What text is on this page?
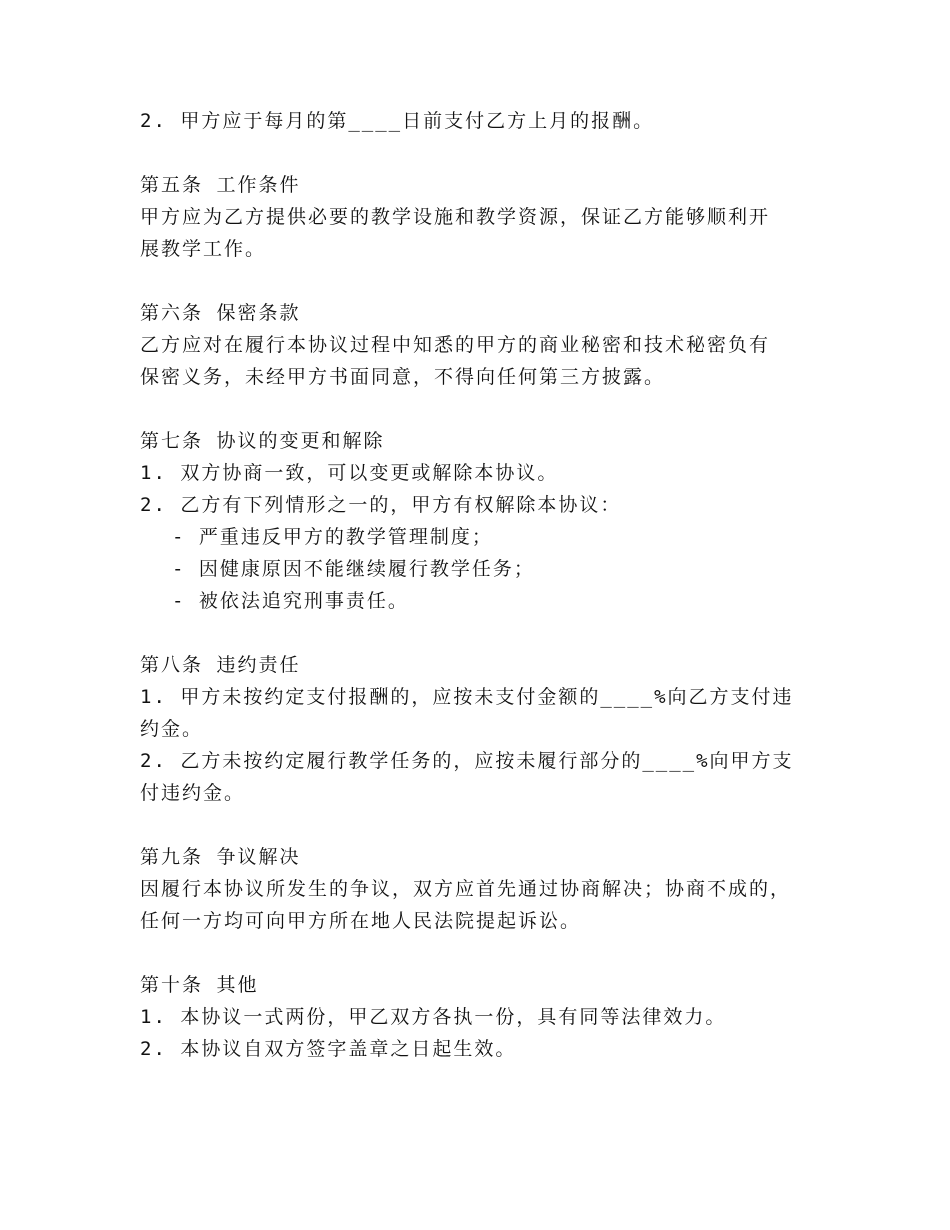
2. 甲方应于每月的第____日前支付乙方上月的报酬。
第五条 工作条件
甲方应为乙方提供必要的教学设施和教学资源，保证乙方能够顺利开
展教学工作。
第六条 保密条款
乙方应对在履行本协议过程中知悉的甲方的商业秘密和技术秘密负有
保密义务，未经甲方书面同意，不得向任何第三方披露。
第七条 协议的变更和解除
1. 双方协商一致，可以变更或解除本协议。
2. 乙方有下列情形之一的，甲方有权解除本协议：
- 严重违反甲方的教学管理制度；
- 因健康原因不能继续履行教学任务；
- 被依法追究刑事责任。
第八条 违约责任
1. 甲方未按约定支付报酬的，应按未支付金额的____%向乙方支付违
约金。
2. 乙方未按约定履行教学任务的，应按未履行部分的____%向甲方支
付违约金。
第九条 争议解决
因履行本协议所发生的争议，双方应首先通过协商解决；协商不成的，
任何一方均可向甲方所在地人民法院提起诉讼。
第十条 其他
1. 本协议一式两份，甲乙双方各执一份，具有同等法律效力。
2. 本协议自双方签字盖章之日起生效。
